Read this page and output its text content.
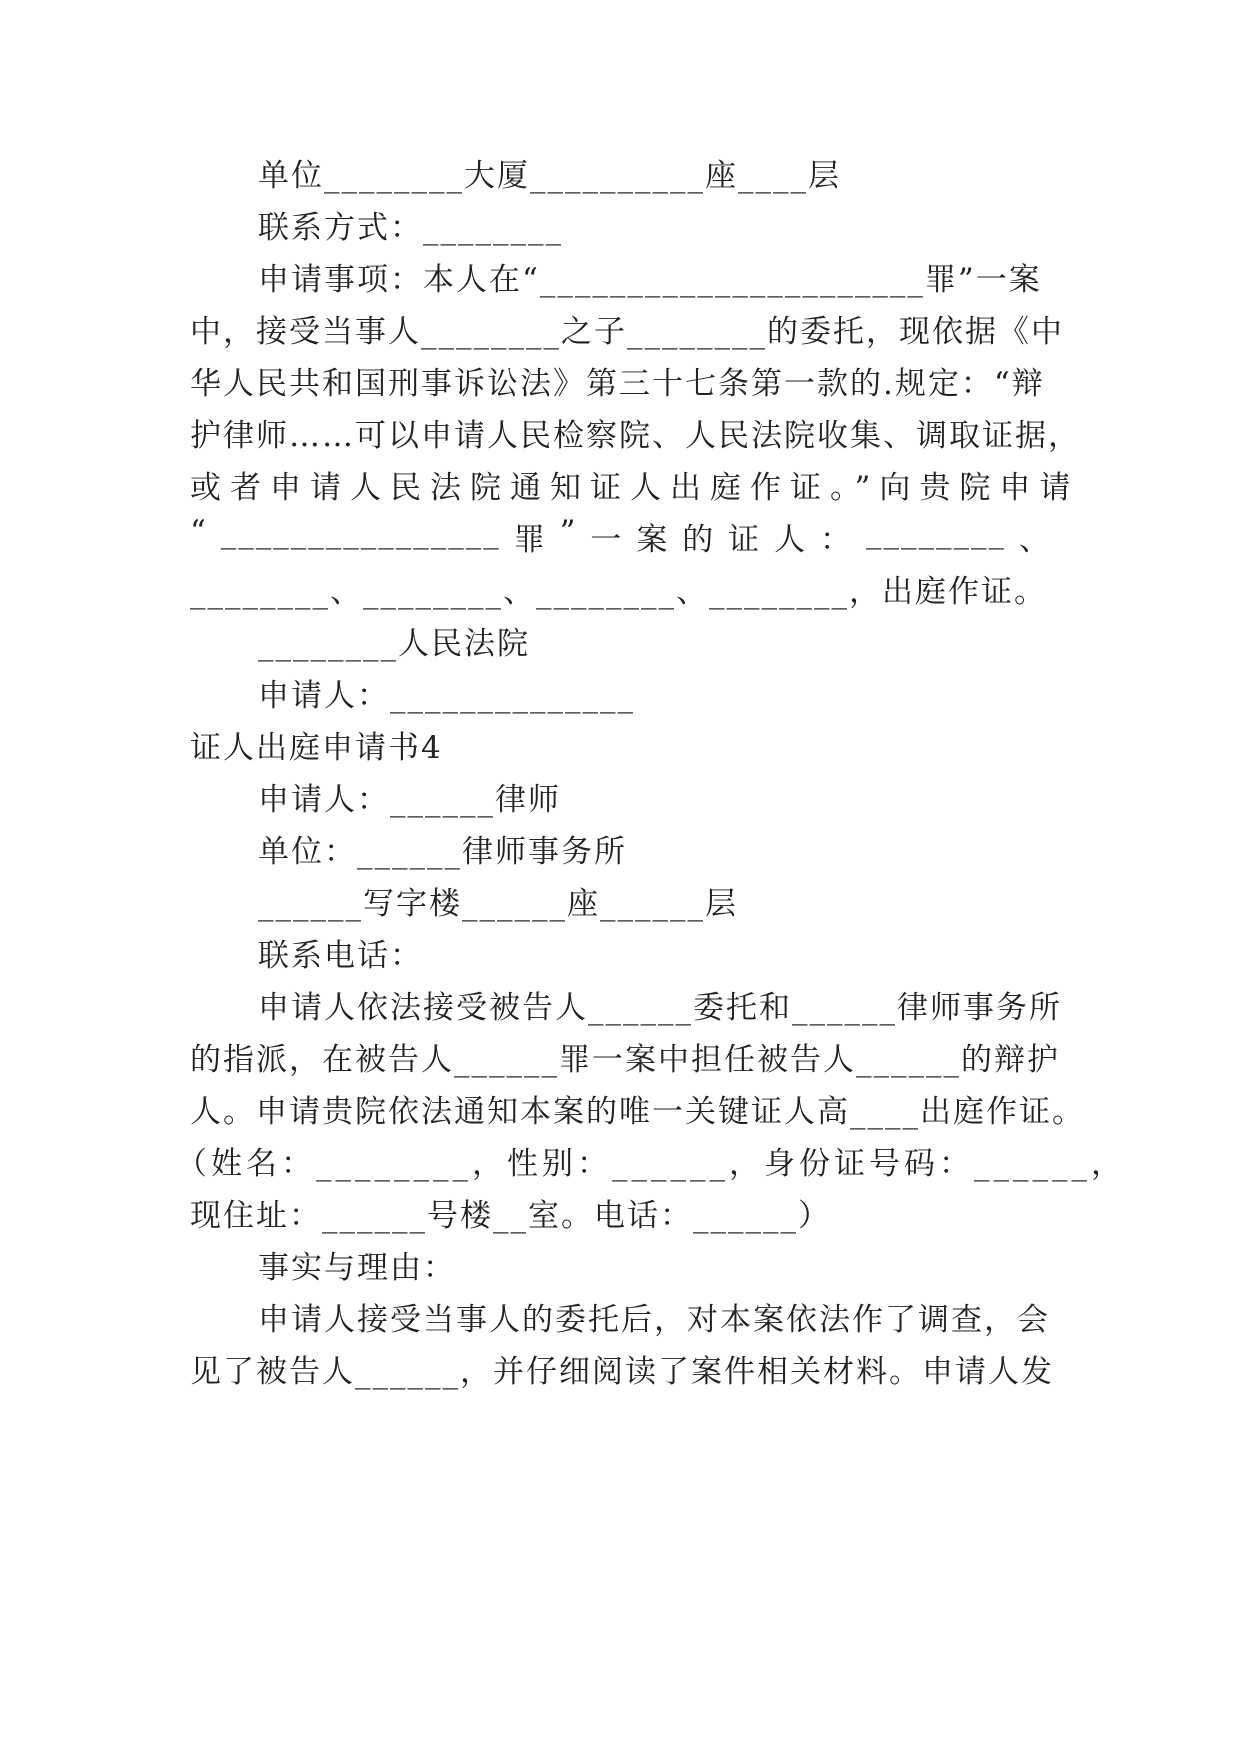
单位________大厦__________座____层
联系方式：________
申请事项：本人在“______________________罪”一案
中，接受当事人________之子________的委托，现依据《中
华人民共和国刑事诉讼法》第三十七条第一款的.规定：“辩
护律师……可以申请人民检察院、人民法院收集、调取证据，
或者申请人民法院通知证人出庭作证。”向贵院申请
“ ________________ 罪 ” 一 案 的 证 人 ： ________ 、
________、________、________、________，出庭作证。
________人民法院
申请人：______________
证人出庭申请书4
申请人：______律师
单位：______律师事务所
______写字楼______座______层
联系电话：
申请人依法接受被告人______委托和______律师事务所
的指派，在被告人______罪一案中担任被告人______的辩护
人。申请贵院依法通知本案的唯一关键证人高____出庭作证。
（姓名：________，性别：______，身份证号码：______，
现住址：______号楼__室。电话：______）
事实与理由：
申请人接受当事人的委托后，对本案依法作了调查，会
见了被告人______，并仔细阅读了案件相关材料。申请人发
